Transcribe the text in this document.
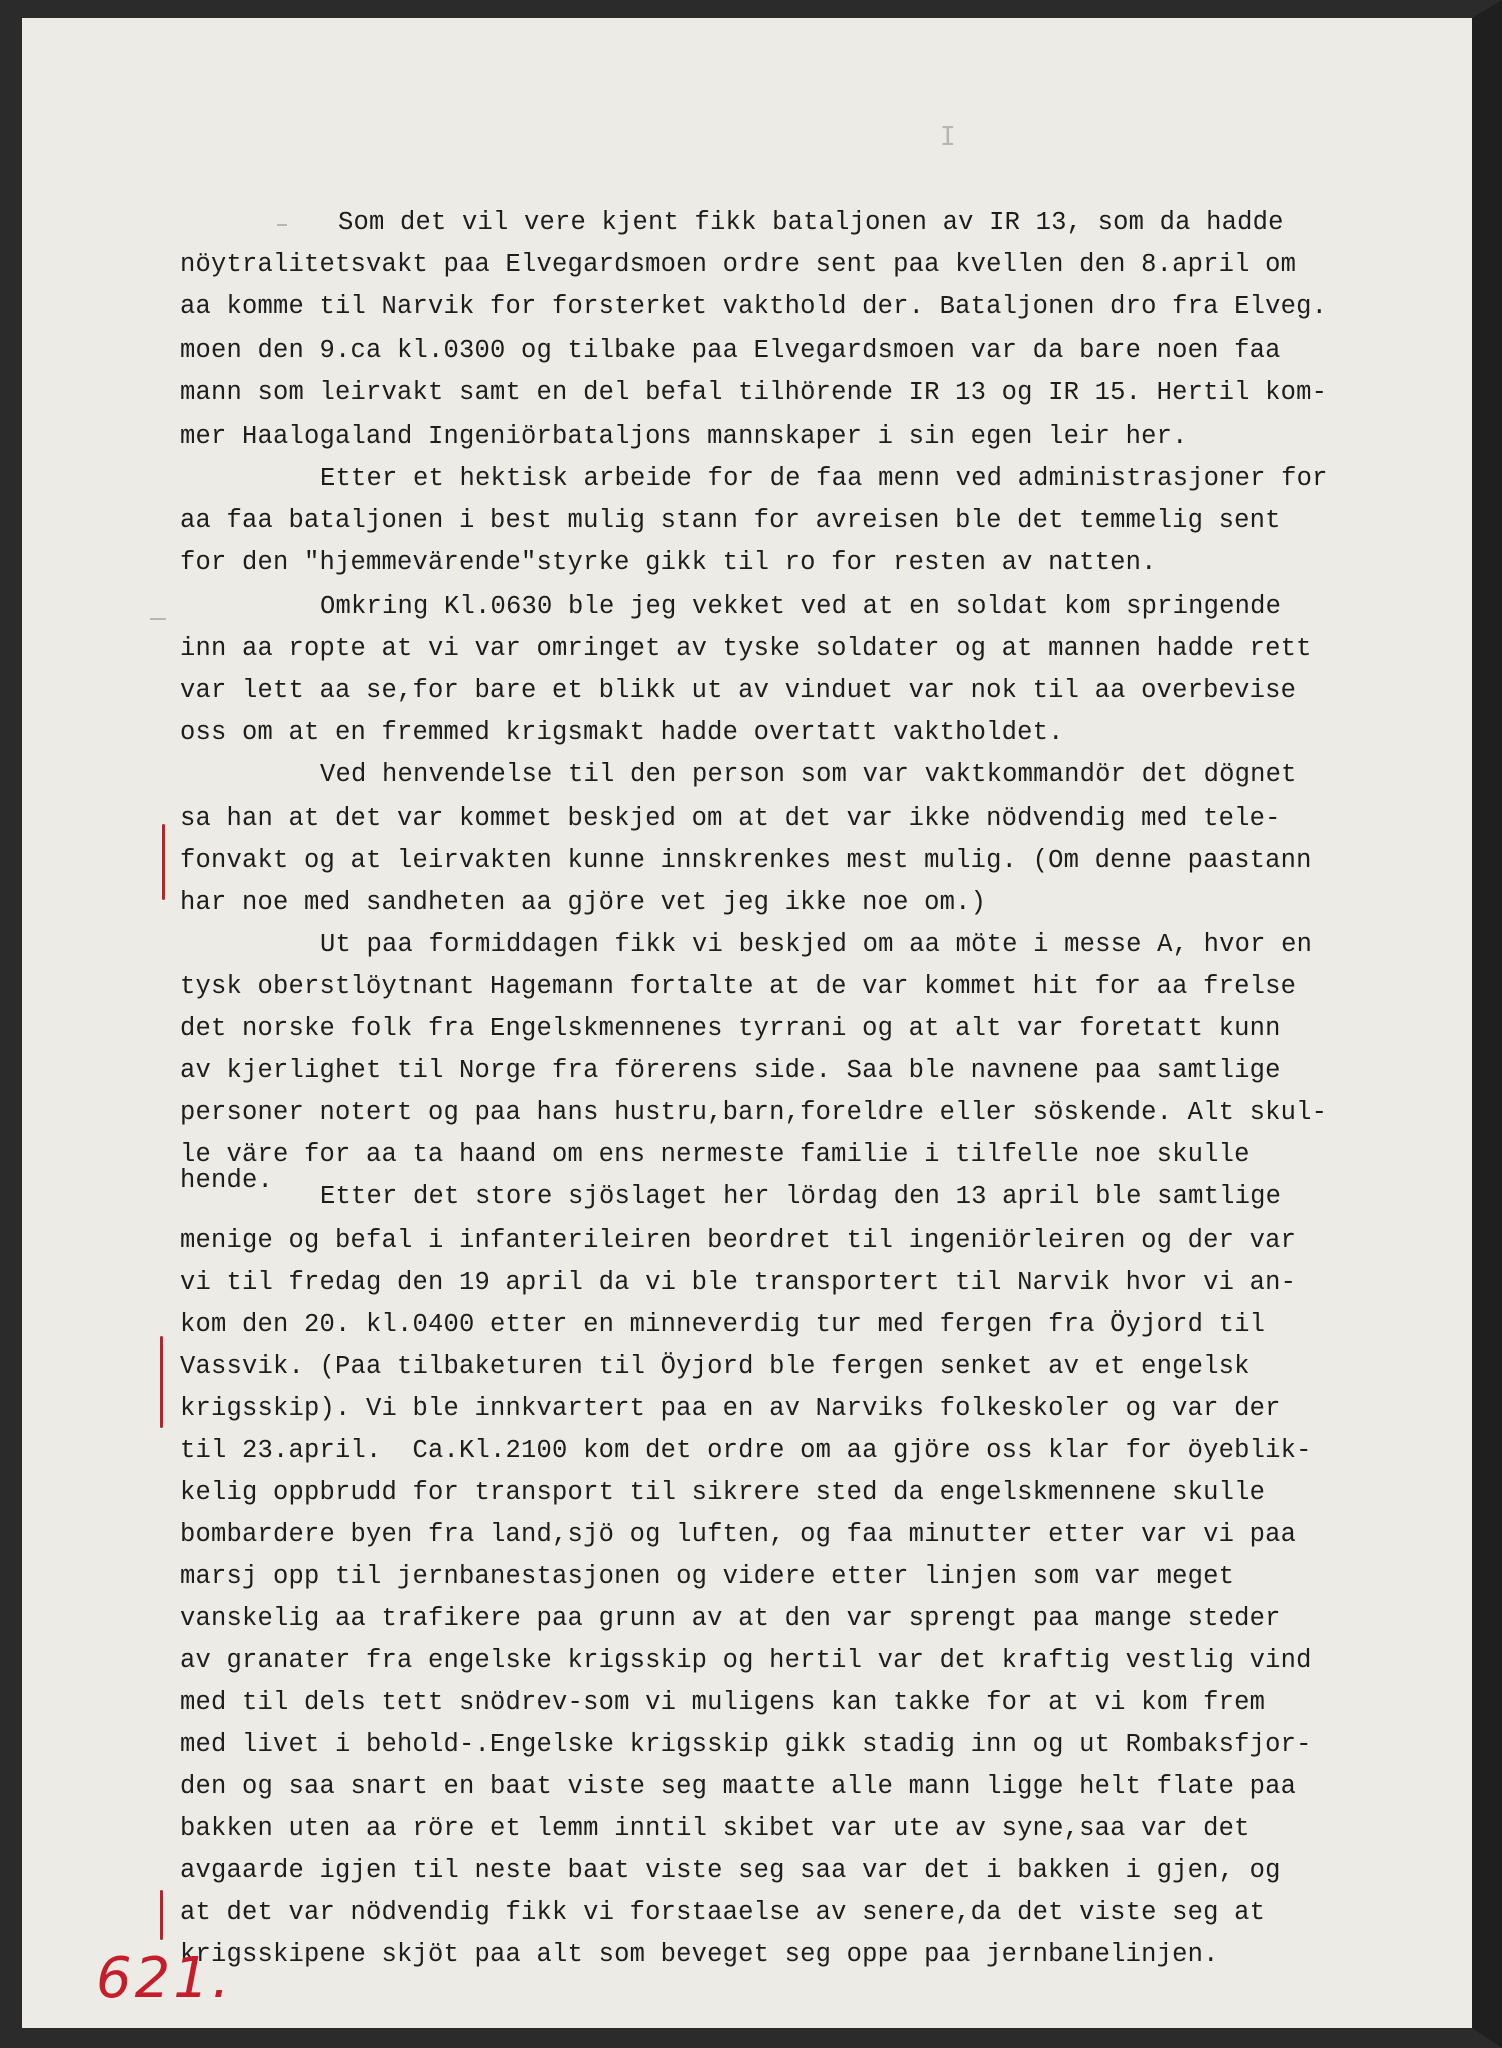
I
Som det vil vere kjent fikk bataljonen av IR 13, som da hadde
nöytralitetsvakt paa Elvegardsmoen ordre sent paa kvellen den 8.april om
aa komme til Narvik for forsterket vakthold der. Bataljonen dro fra Elveg.
moen den 9.ca kl.0300 og tilbake paa Elvegardsmoen var da bare noen faa
mann som leirvakt samt en del befal tilhörende IR 13 og IR 15. Hertil kom-
mer Haalogaland Ingeniörbataljons mannskaper i sin egen leir her.
Etter et hektisk arbeide for de faa menn ved administrasjoner for
aa faa bataljonen i best mulig stann for avreisen ble det temmelig sent
for den "hjemmevärende"styrke gikk til ro for resten av natten.
Omkring Kl.0630 ble jeg vekket ved at en soldat kom springende
inn aa ropte at vi var omringet av tyske soldater og at mannen hadde rett
var lett aa se,for bare et blikk ut av vinduet var nok til aa overbevise
oss om at en fremmed krigsmakt hadde overtatt vaktholdet.
Ved henvendelse til den person som var vaktkommandör det dögnet
sa han at det var kommet beskjed om at det var ikke nödvendig med tele-
fonvakt og at leirvakten kunne innskrenkes mest mulig. (Om denne paastann
har noe med sandheten aa gjöre vet jeg ikke noe om.)
Ut paa formiddagen fikk vi beskjed om aa möte i messe A, hvor en
tysk oberstlöytnant Hagemann fortalte at de var kommet hit for aa frelse
det norske folk fra Engelskmennenes tyrrani og at alt var foretatt kunn
av kjerlighet til Norge fra förerens side. Saa ble navnene paa samtlige
personer notert og paa hans hustru,barn,foreldre eller söskende. Alt skul-
le väre for aa ta haand om ens nermeste familie i tilfelle noe skulle
hende.
Etter det store sjöslaget her lördag den 13 april ble samtlige
menige og befal i infanterileiren beordret til ingeniörleiren og der var
vi til fredag den 19 april da vi ble transportert til Narvik hvor vi an-
kom den 20. kl.0400 etter en minneverdig tur med fergen fra Öyjord til
Vassvik. (Paa tilbaketuren til Öyjord ble fergen senket av et engelsk
krigsskip). Vi ble innkvartert paa en av Narviks folkeskoler og var der
til 23.april.  Ca.Kl.2100 kom det ordre om aa gjöre oss klar for öyeblik-
kelig oppbrudd for transport til sikrere sted da engelskmennene skulle
bombardere byen fra land,sjö og luften, og faa minutter etter var vi paa
marsj opp til jernbanestasjonen og videre etter linjen som var meget
vanskelig aa trafikere paa grunn av at den var sprengt paa mange steder
av granater fra engelske krigsskip og hertil var det kraftig vestlig vind
med til dels tett snödrev-som vi muligens kan takke for at vi kom frem
med livet i behold-.Engelske krigsskip gikk stadig inn og ut Rombaksfjor-
den og saa snart en baat viste seg maatte alle mann ligge helt flate paa
bakken uten aa röre et lemm inntil skibet var ute av syne,saa var det
avgaarde igjen til neste baat viste seg saa var det i bakken i gjen, og
at det var nödvendig fikk vi forstaaelse av senere,da det viste seg at
krigsskipene skjöt paa alt som beveget seg oppe paa jernbanelinjen.
621.
